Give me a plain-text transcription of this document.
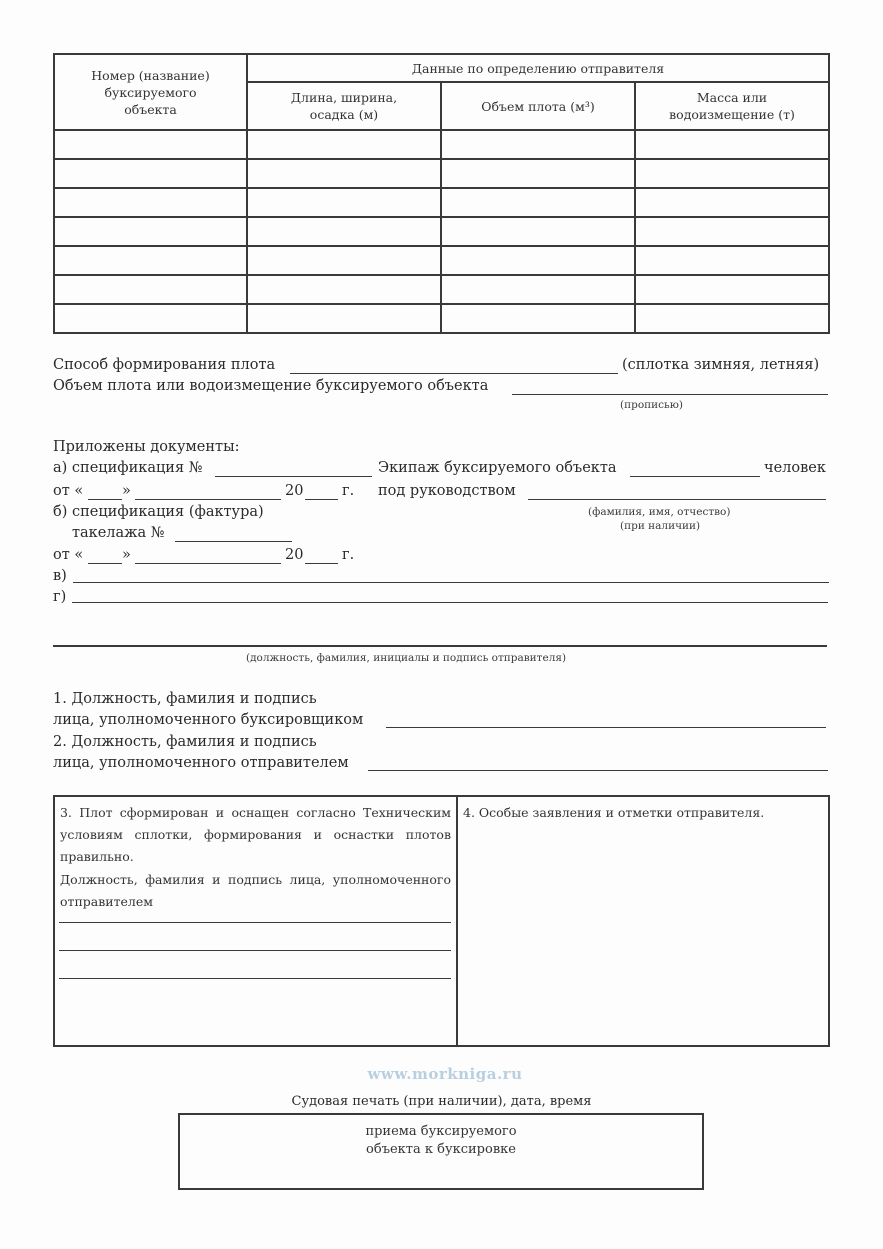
Номер (название) буксируемого объекта	Данные по определению отправителя		
	Длина, ширина, осадка (м)	Объем плота (м³)	Масса или водоизмещение (т)

Способ формирования плота	(сплотка зимняя, летняя)
Объем плота или водоизмещение буксируемого объекта
(прописью)
Приложены документы:
а) спецификация №
от «	»	20	г.
б) спецификация (фактура)
такелажа №
от «	»	20	г.
в)
г)
Экипаж буксируемого объекта	человек
под руководством
(фамилия, имя, отчество)
(при наличии)
(должность, фамилия, инициалы и подпись отправителя)
1. Должность, фамилия и подпись
лица, уполномоченного буксировщиком
2. Должность, фамилия и подпись
лица, уполномоченного отправителем
3. Плот сформирован и оснащен согласно Техническим условиям сплотки, формирования и оснастки плотов правильно.
Должность, фамилия и подпись лица, уполномоченного отправителем
4. Особые заявления и отметки отправителя.
www.morkniga.ru
Судовая печать (при наличии), дата, время
приема буксируемого
объекта к буксировке
